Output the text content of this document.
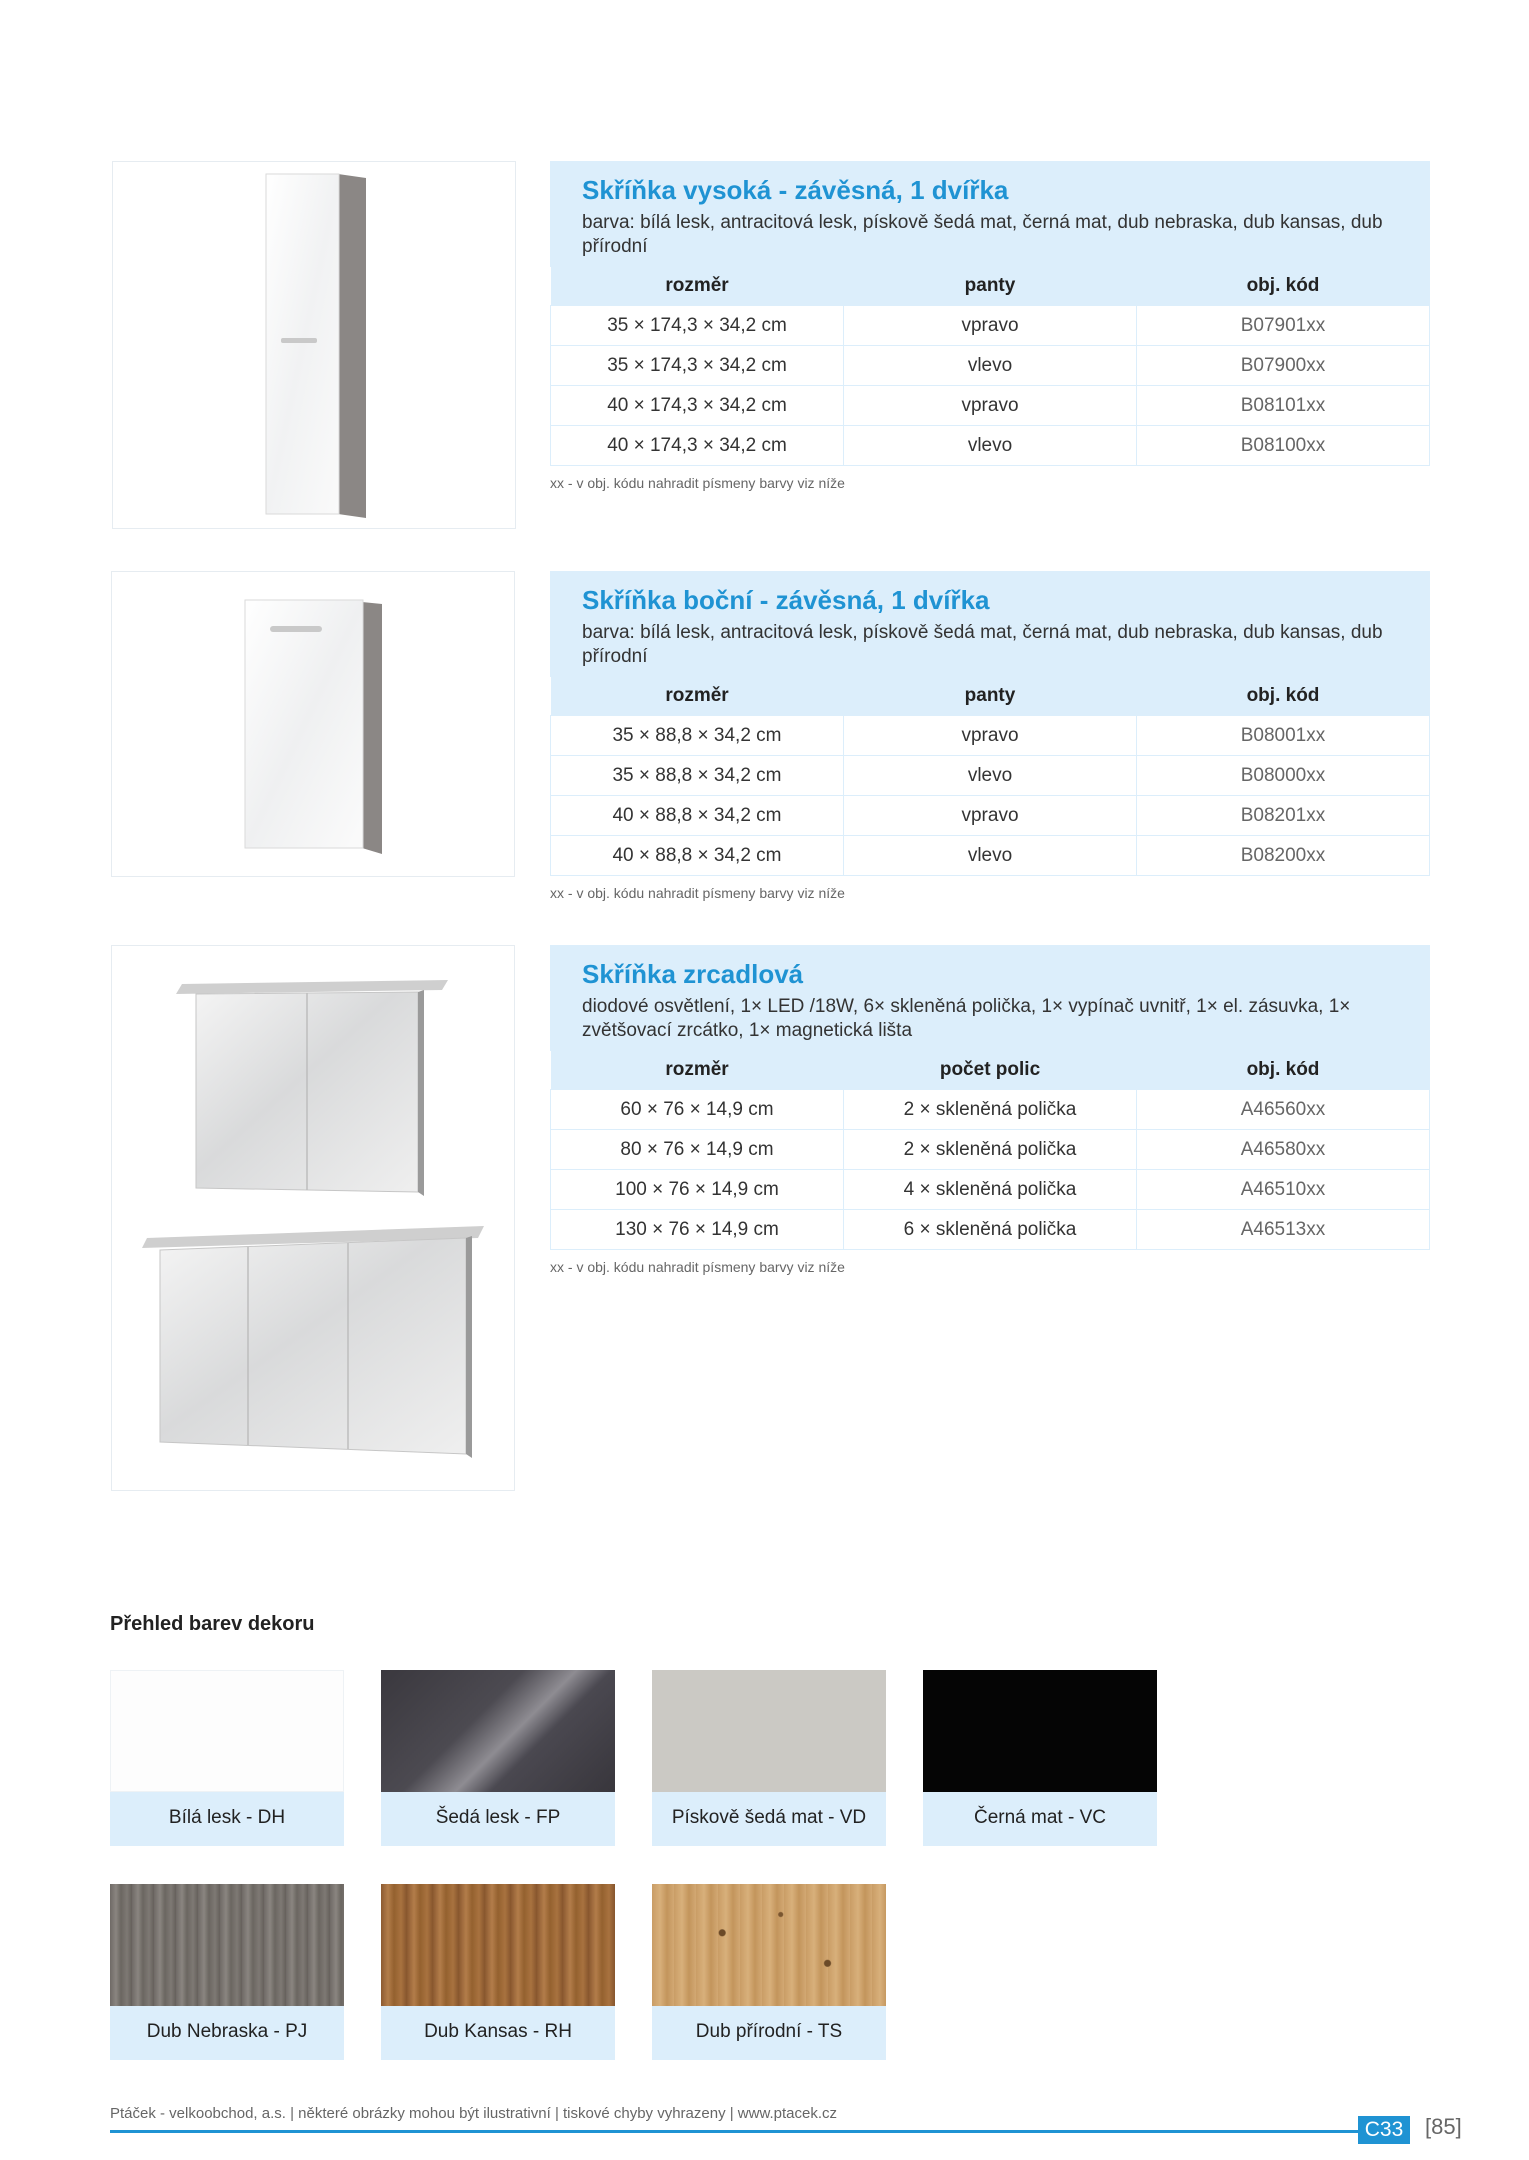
Skříňka vysoká - závěsná, 1 dvířka
barva: bílá lesk, antracitová lesk, pískově šedá mat, černá mat, dub nebraska, dub kansas, dub přírodní
rozměr	panty	obj. kód
35 × 174,3 × 34,2 cm	vpravo	B07901xx
35 × 174,3 × 34,2 cm	vlevo	B07900xx
40 × 174,3 × 34,2 cm	vpravo	B08101xx
40 × 174,3 × 34,2 cm	vlevo	B08100xx
xx - v obj. kódu nahradit písmeny barvy viz níže
Skříňka boční - závěsná, 1 dvířka
barva: bílá lesk, antracitová lesk, pískově šedá mat, černá mat, dub nebraska, dub kansas, dub přírodní
rozměr	panty	obj. kód
35 × 88,8 × 34,2 cm	vpravo	B08001xx
35 × 88,8 × 34,2 cm	vlevo	B08000xx
40 × 88,8 × 34,2 cm	vpravo	B08201xx
40 × 88,8 × 34,2 cm	vlevo	B08200xx
xx - v obj. kódu nahradit písmeny barvy viz níže
Skříňka zrcadlová
diodové osvětlení, 1× LED /18W, 6× skleněná polička, 1× vypínač uvnitř, 1× el. zásuvka, 1× zvětšovací zrcátko, 1× magnetická lišta
rozměr	počet polic	obj. kód
60 × 76 × 14,9 cm	2 × skleněná polička	A46560xx
80 × 76 × 14,9 cm	2 × skleněná polička	A46580xx
100 × 76 × 14,9 cm	4 × skleněná polička	A46510xx
130 × 76 × 14,9 cm	6 × skleněná polička	A46513xx
xx - v obj. kódu nahradit písmeny barvy viz níže
Přehled barev dekoru
Bílá lesk - DH	Šedá lesk - FP	Pískově šedá mat - VD	Černá mat - VC
Dub Nebraska - PJ	Dub Kansas - RH	Dub přírodní - TS
Ptáček - velkoobchod, a.s. | některé obrázky mohou být ilustrativní | tiskové chyby vyhrazeny | www.ptacek.cz
C33 [85]
